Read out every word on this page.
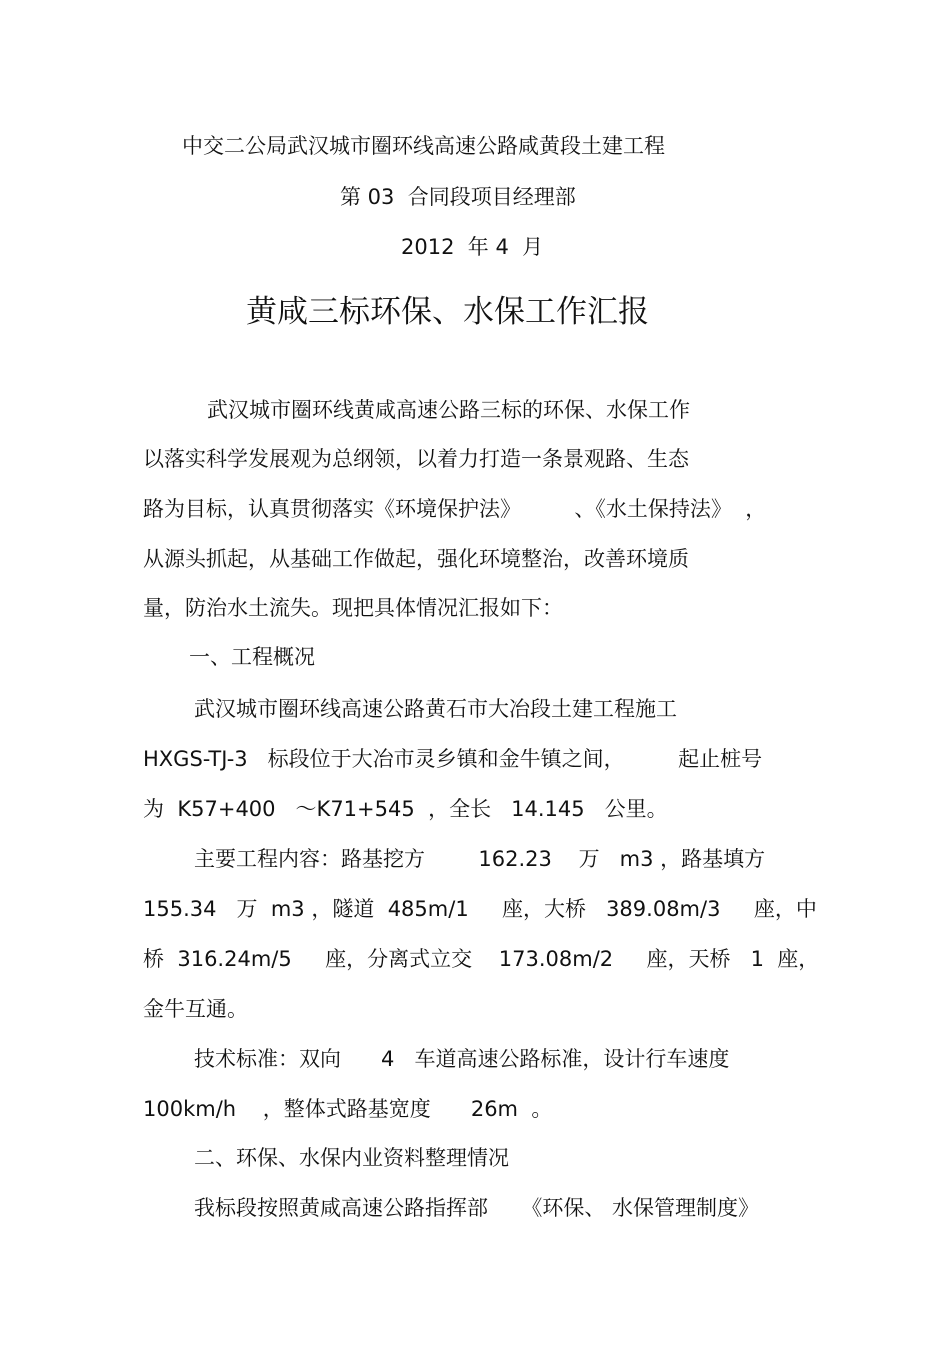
中交二公局武汉城市圈环线高速公路咸黄段土建工程

第 03  合同段项目经理部

2012  年 4  月

黄咸三标环保、水保工作汇报

武汉城市圈环线黄咸高速公路三标的环保、水保工作

以落实科学发展观为总纲领，以着力打造一条景观路、生态

路为目标，认真贯彻落实《环境保护法》        、《水土保持法》  ，

从源头抓起，从基础工作做起，强化环境整治，改善环境质

量，防治水土流失。现把具体情况汇报如下：

一、工程概况

武汉城市圈环线高速公路黄石市大冶段土建工程施工

HXGS-TJ-3   标段位于大冶市灵乡镇和金牛镇之间，        起止桩号

为  K57+400   ～K71+545  ，全长   14.145   公里。

主要工程内容：路基挖方        162.23    万   m3 ，路基填方

155.34   万  m3 ，隧道  485m/1     座，大桥   389.08m/3     座，中

桥  316.24m/5     座，分离式立交    173.08m/2     座，天桥   1  座，

金牛互通。

技术标准：双向      4   车道高速公路标准，设计行车速度

100km/h    ，整体式路基宽度      26m  。

二、环保、水保内业资料整理情况

我标段按照黄咸高速公路指挥部     《环保、 水保管理制度》
